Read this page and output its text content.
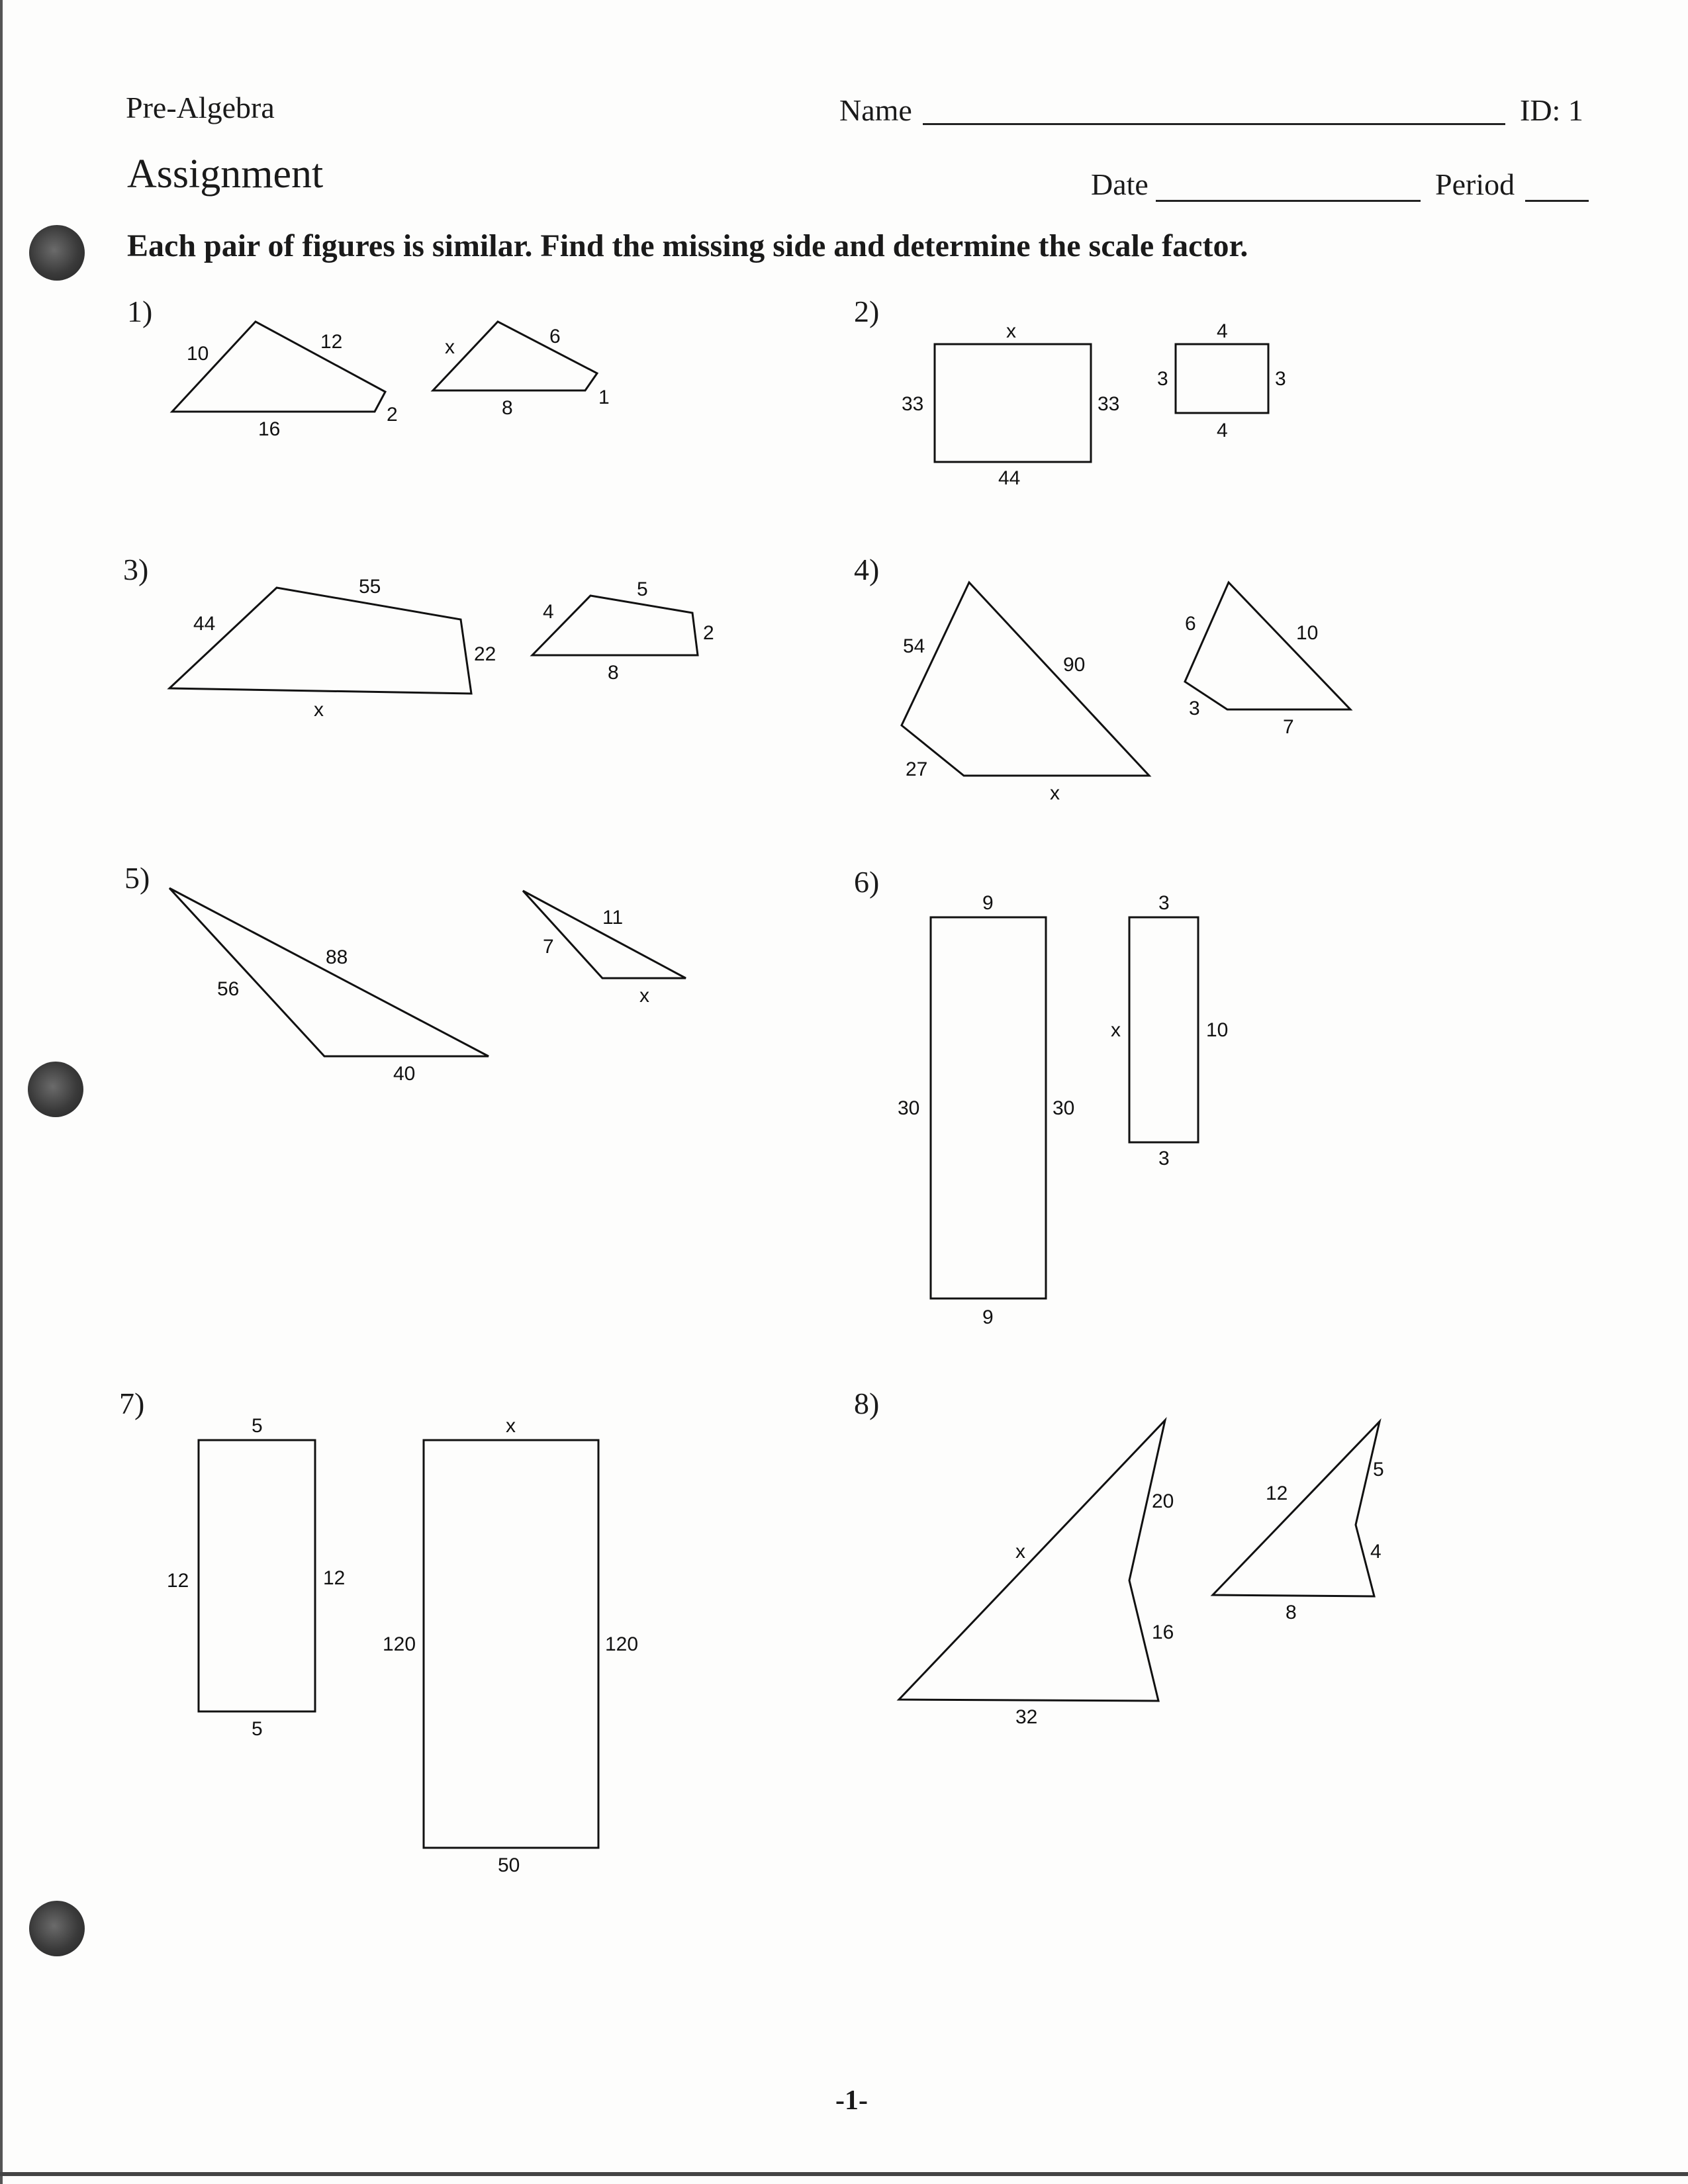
Pre-Algebra	Name	ID: 1
Assignment	Date	Period
Each pair of figures is similar. Find the missing side and determine the scale factor.
1)	2)
3)	4)
5)	6)
7)	8)
10
12
16
2
x	6
8	1
x
33	33
44
4
3	3
4
44
55
22
x
4
5
2
8
54
90
27
x
6	10
3
7
56
88
40
7
11
x
9
30	30
9
3
x	10
3
5
12	12
5
x
120	120
50
x
20
16
32
12
5
4
8
-1-
